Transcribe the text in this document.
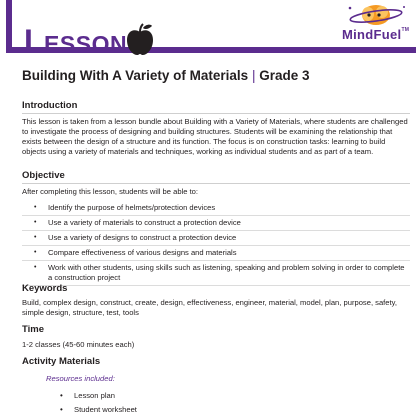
LESSON	MindFuel™
Building With A Variety of Materials | Grade 3
Introduction
This lesson is taken from a lesson bundle about Building with a Variety of Materials, where students are challenged to investigate the process of designing and building structures. Students will be examining the relationship that exists between the design of a structure and its function. The focus is on construction tasks: learning to build objects using a variety of materials and techniques, working as individual students and as part of a team.
Objective
After completing this lesson, students will be able to:
• Identify the purpose of helmets/protection devices
• Use a variety of materials to construct a protection device
• Use a variety of designs to construct a protection device
• Compare effectiveness of various designs and materials
• Work with other students, using skills such as listening, speaking and problem solving in order to complete a construction project
Keywords
Build, complex design, construct, create, design, effectiveness, engineer, material, model, plan, purpose, safety, simple design, structure, test, tools
Time
1-2 classes (45-60 minutes each)
Activity Materials
Resources included:
• Lesson plan
• Student worksheet
